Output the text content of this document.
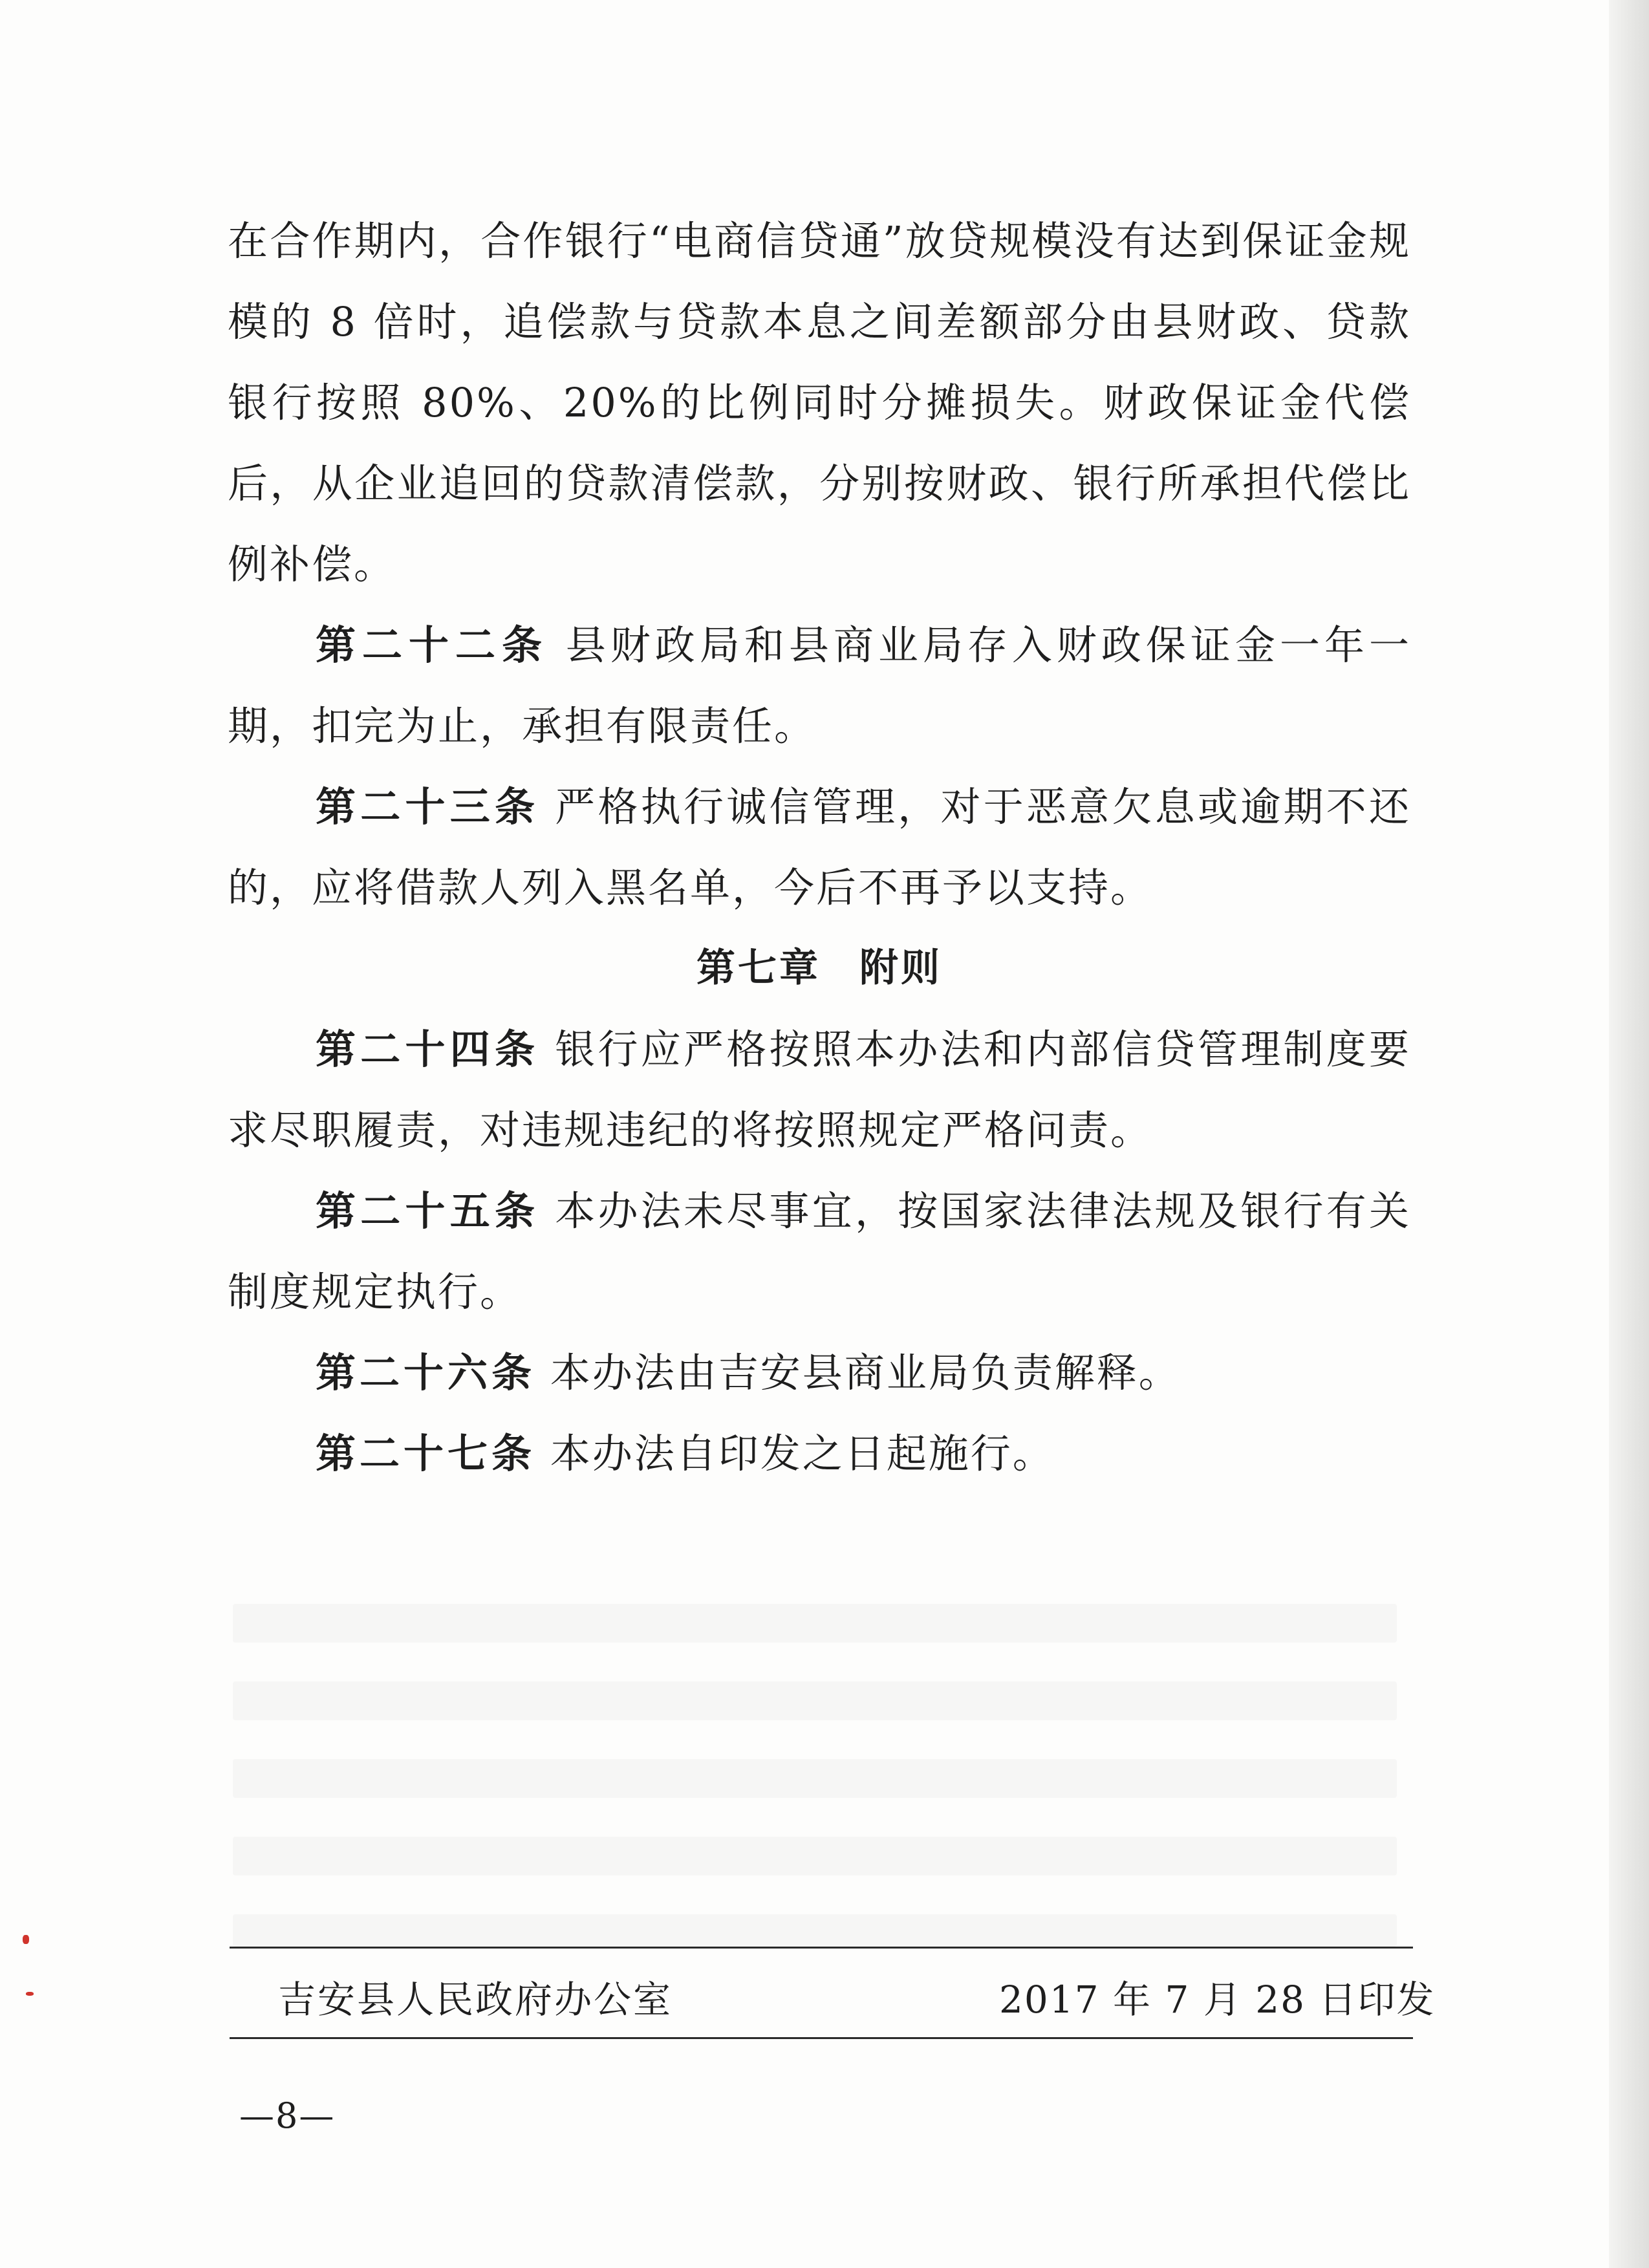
在合作期内，合作银行“电商信贷通”放贷规模没有达到保证金规模的 8 倍时，追偿款与贷款本息之间差额部分由县财政、贷款银行按照 80%、20%的比例同时分摊损失。财政保证金代偿后，从企业追回的贷款清偿款，分别按财政、银行所承担代偿比例补偿。

第二十二条 县财政局和县商业局存入财政保证金一年一期，扣完为止，承担有限责任。

第二十三条 严格执行诚信管理，对于恶意欠息或逾期不还的，应将借款人列入黑名单，今后不再予以支持。

第七章 附则

第二十四条 银行应严格按照本办法和内部信贷管理制度要求尽职履责，对违规违纪的将按照规定严格问责。

第二十五条 本办法未尽事宜，按国家法律法规及银行有关制度规定执行。

第二十六条 本办法由吉安县商业局负责解释。

第二十七条 本办法自印发之日起施行。

吉安县人民政府办公室	2017 年 7 月 28 日印发
—8—
